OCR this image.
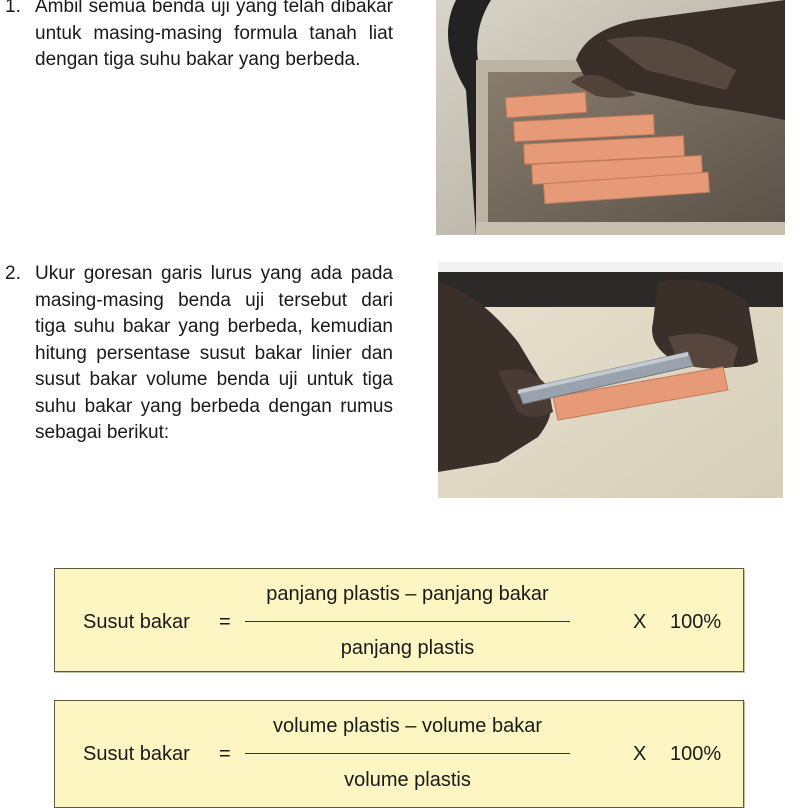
1. Ambil semua benda uji yang telah dibakar untuk masing-masing formula tanah liat dengan tiga suhu bakar yang berbeda.
2. Ukur goresan garis lurus yang ada pada masing-masing benda uji tersebut dari tiga suhu bakar yang berbeda, kemudian hitung persentase susut bakar linier dan susut bakar volume benda uji untuk tiga suhu bakar yang berbeda dengan rumus sebagai berikut:
Susut bakar =
panjang plastis – panjang bakar
panjang plastis
X 100%
Susut bakar =
volume plastis – volume bakar
volume plastis
X 100%
